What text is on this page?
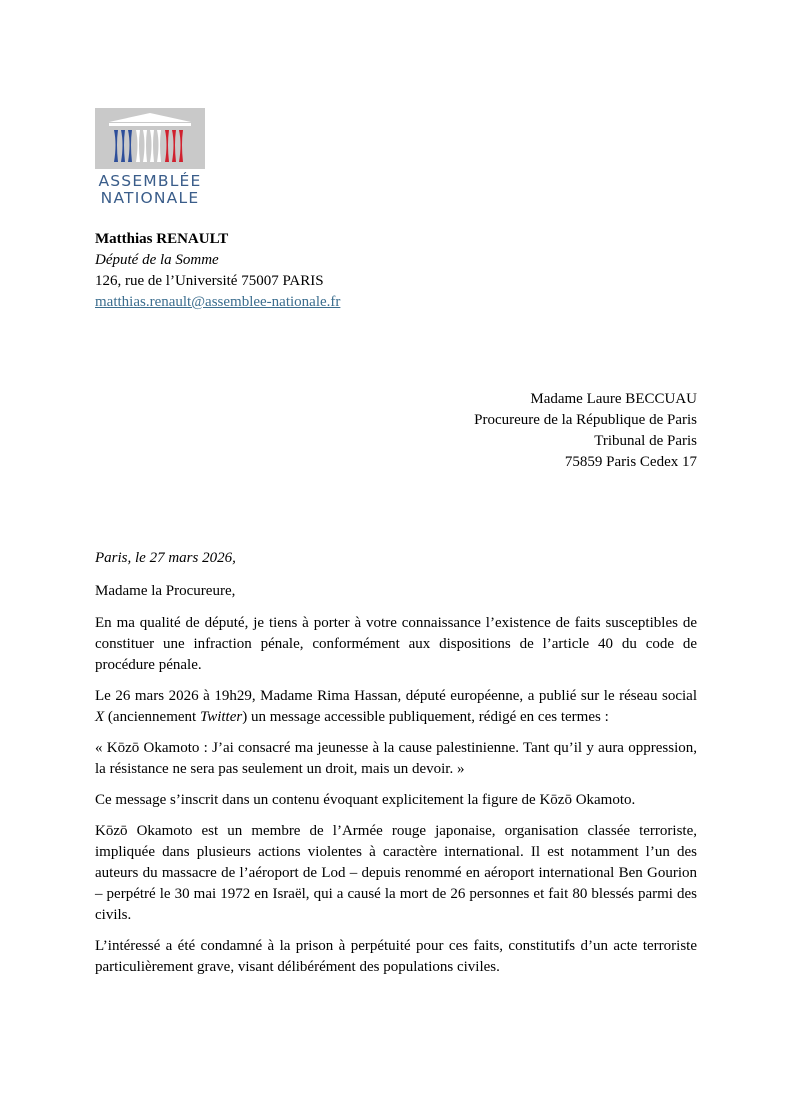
ASSEMBLÉE
NATIONALE
Matthias RENAULT
Député de la Somme
126, rue de l’Université 75007 PARIS
matthias.renault@assemblee-nationale.fr
Madame Laure BECCUAU
Procureure de la République de Paris
Tribunal de Paris
75859 Paris Cedex 17

Paris, le 27 mars 2026,

Madame la Procureure,

En ma qualité de député, je tiens à porter à votre connaissance l’existence de faits susceptibles de constituer une infraction pénale, conformément aux dispositions de l’article 40 du code de procédure pénale.

Le 26 mars 2026 à 19h29, Madame Rima Hassan, député européenne, a publié sur le réseau social X (anciennement Twitter) un message accessible publiquement, rédigé en ces termes :

« Kōzō Okamoto : J’ai consacré ma jeunesse à la cause palestinienne. Tant qu’il y aura oppression, la résistance ne sera pas seulement un droit, mais un devoir. »

Ce message s’inscrit dans un contenu évoquant explicitement la figure de Kōzō Okamoto.

Kōzō Okamoto est un membre de l’Armée rouge japonaise, organisation classée terroriste, impliquée dans plusieurs actions violentes à caractère international. Il est notamment l’un des auteurs du massacre de l’aéroport de Lod – depuis renommé en aéroport international Ben Gourion – perpétré le 30 mai 1972 en Israël, qui a causé la mort de 26 personnes et fait 80 blessés parmi des civils.

L’intéressé a été condamné à la prison à perpétuité pour ces faits, constitutifs d’un acte terroriste particulièrement grave, visant délibérément des populations civiles.
